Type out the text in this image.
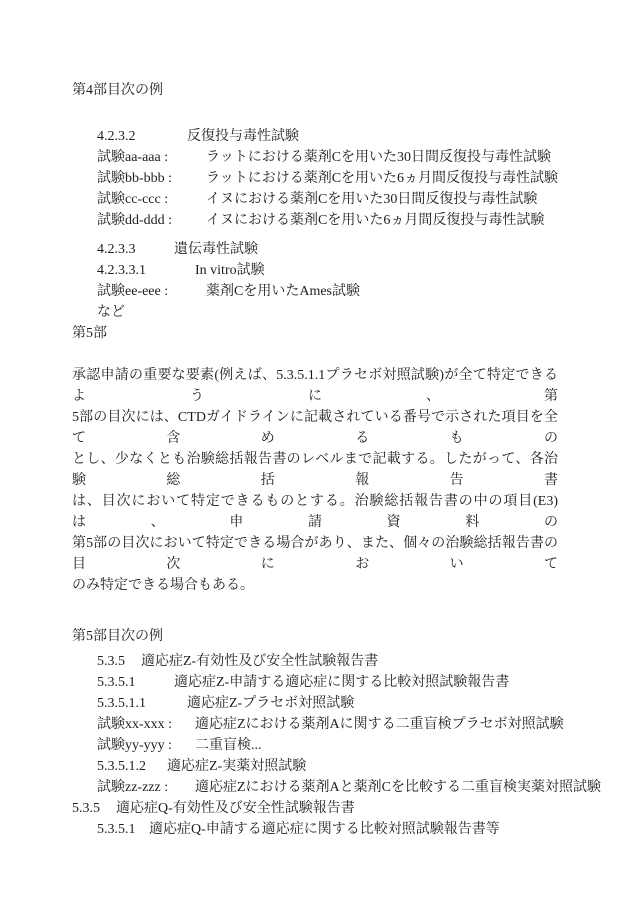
第4部目次の例
4.2.3.2	反復投与毒性試験
試験aa-aaa :	ラットにおける薬剤Cを用いた30日間反復投与毒性試験
試験bb-bbb :	ラットにおける薬剤Cを用いた6ヵ月間反復投与毒性試験
試験cc-ccc :	イヌにおける薬剤Cを用いた30日間反復投与毒性試験
試験dd-ddd :	イヌにおける薬剤Cを用いた6ヵ月間反復投与毒性試験
4.2.3.3	遺伝毒性試験
4.2.3.3.1	In vitro試験
試験ee-eee :	薬剤Cを用いたAmes試験
など
第5部
承認申請の重要な要素(例えば、5.3.5.1.1プラセボ対照試験)が全て特定できるように、第
5部の目次には、CTDガイドラインに記載されている番号で示された項目を全て含めるもの
とし、少なくとも治験総括報告書のレベルまで記載する。したがって、各治験総括報告書
は、目次において特定できるものとする。治験総括報告書の中の項目(E3)は、申請資料の
第5部の目次において特定できる場合があり、また、個々の治験総括報告書の目次において
のみ特定できる場合もある。
第5部目次の例
5.3.5	適応症Z-有効性及び安全性試験報告書
5.3.5.1	適応症Z-申請する適応症に関する比較対照試験報告書
5.3.5.1.1	適応症Z-プラセボ対照試験
試験xx-xxx :	適応症Zにおける薬剤Aに関する二重盲検プラセボ対照試験
試験yy-yyy :	二重盲検...
5.3.5.1.2	適応症Z-実薬対照試験
試験zz-zzz :	適応症Zにおける薬剤Aと薬剤Cを比較する二重盲検実薬対照試験
5.3.5	適応症Q-有効性及び安全性試験報告書
5.3.5.1 適応症Q-申請する適応症に関する比較対照試験報告書等
